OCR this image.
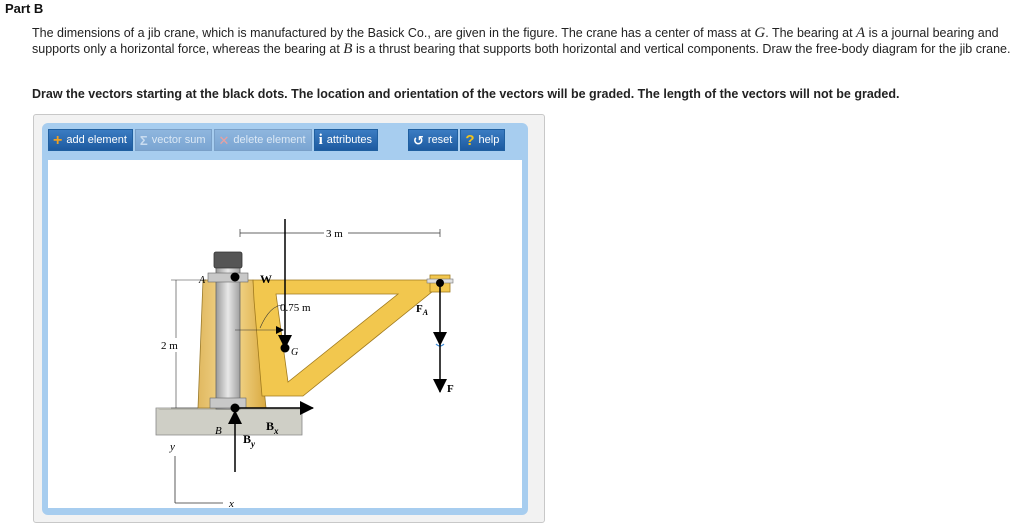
Part B
The dimensions of a jib crane, which is manufactured by the Basick Co., are given in the figure. The crane has a center of mass at G. The bearing at A is a journal bearing and supports only a horizontal force, whereas the bearing at B is a thrust bearing that supports both horizontal and vertical components. Draw the free-body diagram for the jib crane.
Draw the vectors starting at the black dots. The location and orientation of the vectors will be graded. The length of the vectors will not be graded.
+ add element Σ vector sum ✕ delete element i attributes	↺ reset ? help
3 m
0.75 m
2 m
A
B
G
y
x
W
$B_y$
$B_x$
$F_A$
F
